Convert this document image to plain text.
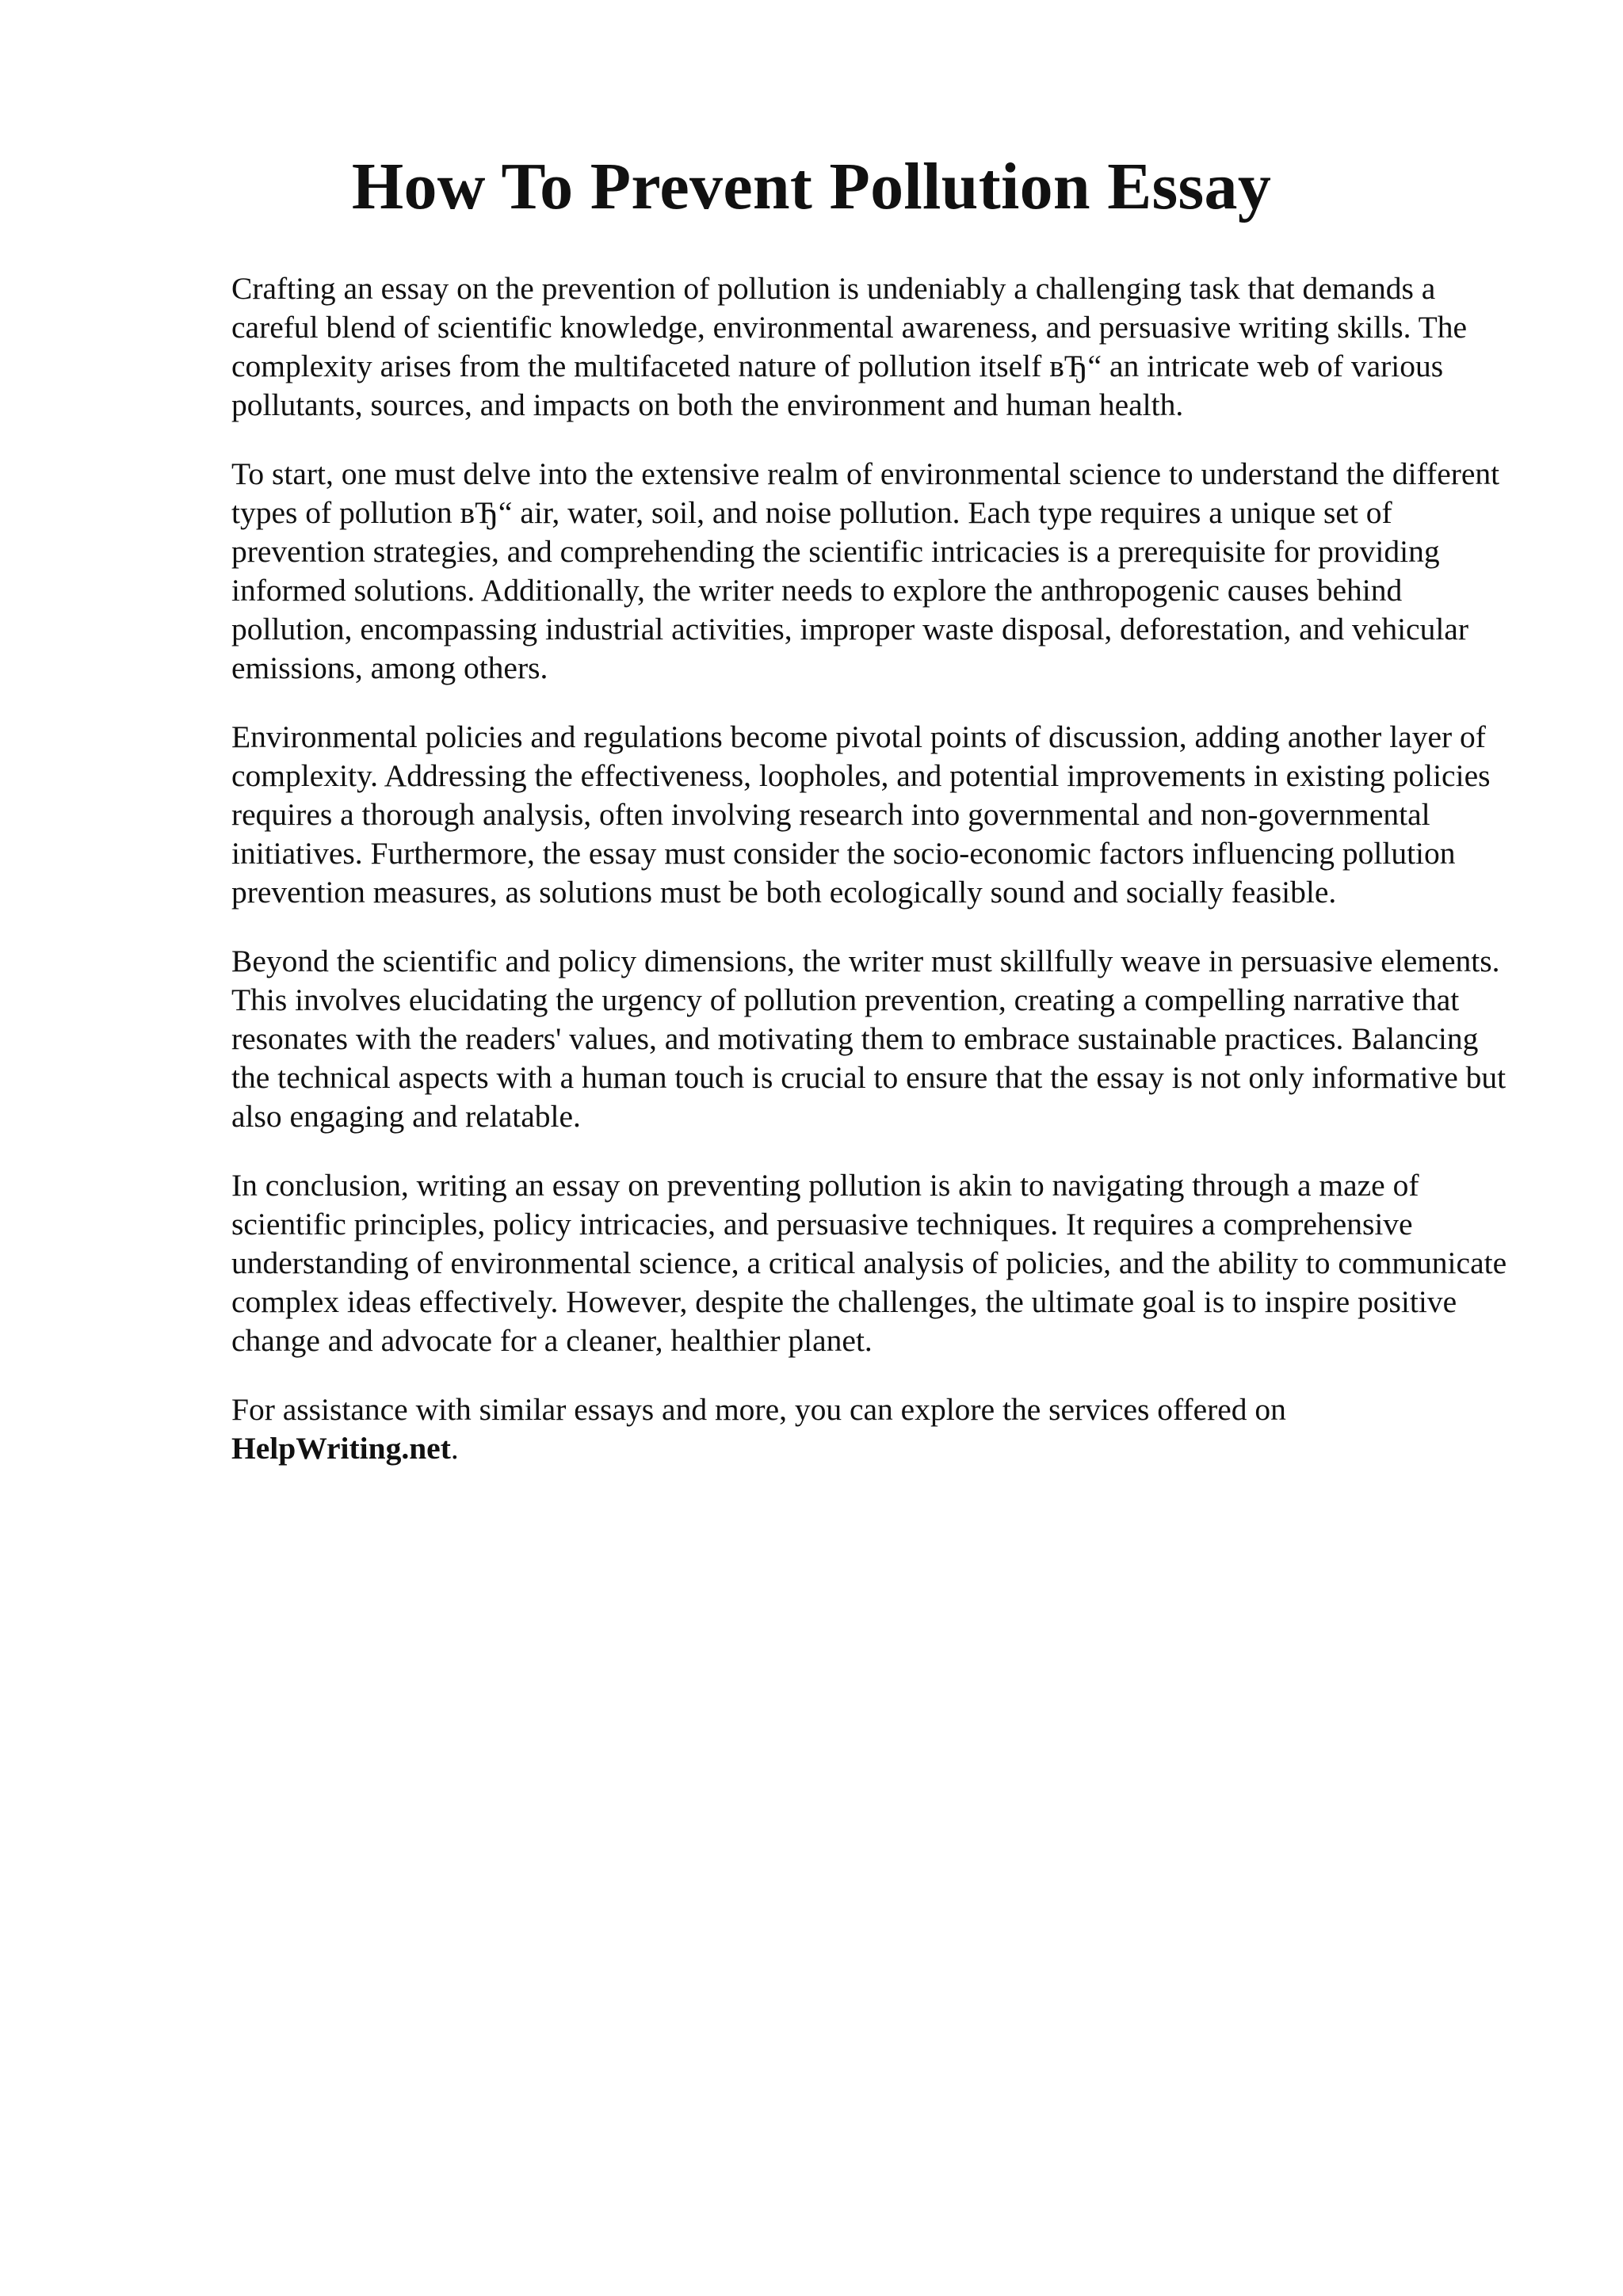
How To Prevent Pollution Essay

Crafting an essay on the prevention of pollution is undeniably a challenging task that demands a careful blend of scientific knowledge, environmental awareness, and persuasive writing skills. The complexity arises from the multifaceted nature of pollution itself вЂ“ an intricate web of various pollutants, sources, and impacts on both the environment and human health.

To start, one must delve into the extensive realm of environmental science to understand the different types of pollution вЂ“ air, water, soil, and noise pollution. Each type requires a unique set of prevention strategies, and comprehending the scientific intricacies is a prerequisite for providing informed solutions. Additionally, the writer needs to explore the anthropogenic causes behind pollution, encompassing industrial activities, improper waste disposal, deforestation, and vehicular emissions, among others.

Environmental policies and regulations become pivotal points of discussion, adding another layer of complexity. Addressing the effectiveness, loopholes, and potential improvements in existing policies requires a thorough analysis, often involving research into governmental and non-governmental initiatives. Furthermore, the essay must consider the socio-economic factors influencing pollution prevention measures, as solutions must be both ecologically sound and socially feasible.

Beyond the scientific and policy dimensions, the writer must skillfully weave in persuasive elements. This involves elucidating the urgency of pollution prevention, creating a compelling narrative that resonates with the readers' values, and motivating them to embrace sustainable practices. Balancing the technical aspects with a human touch is crucial to ensure that the essay is not only informative but also engaging and relatable.

In conclusion, writing an essay on preventing pollution is akin to navigating through a maze of scientific principles, policy intricacies, and persuasive techniques. It requires a comprehensive understanding of environmental science, a critical analysis of policies, and the ability to communicate complex ideas effectively. However, despite the challenges, the ultimate goal is to inspire positive change and advocate for a cleaner, healthier planet.

For assistance with similar essays and more, you can explore the services offered on
HelpWriting.net.
